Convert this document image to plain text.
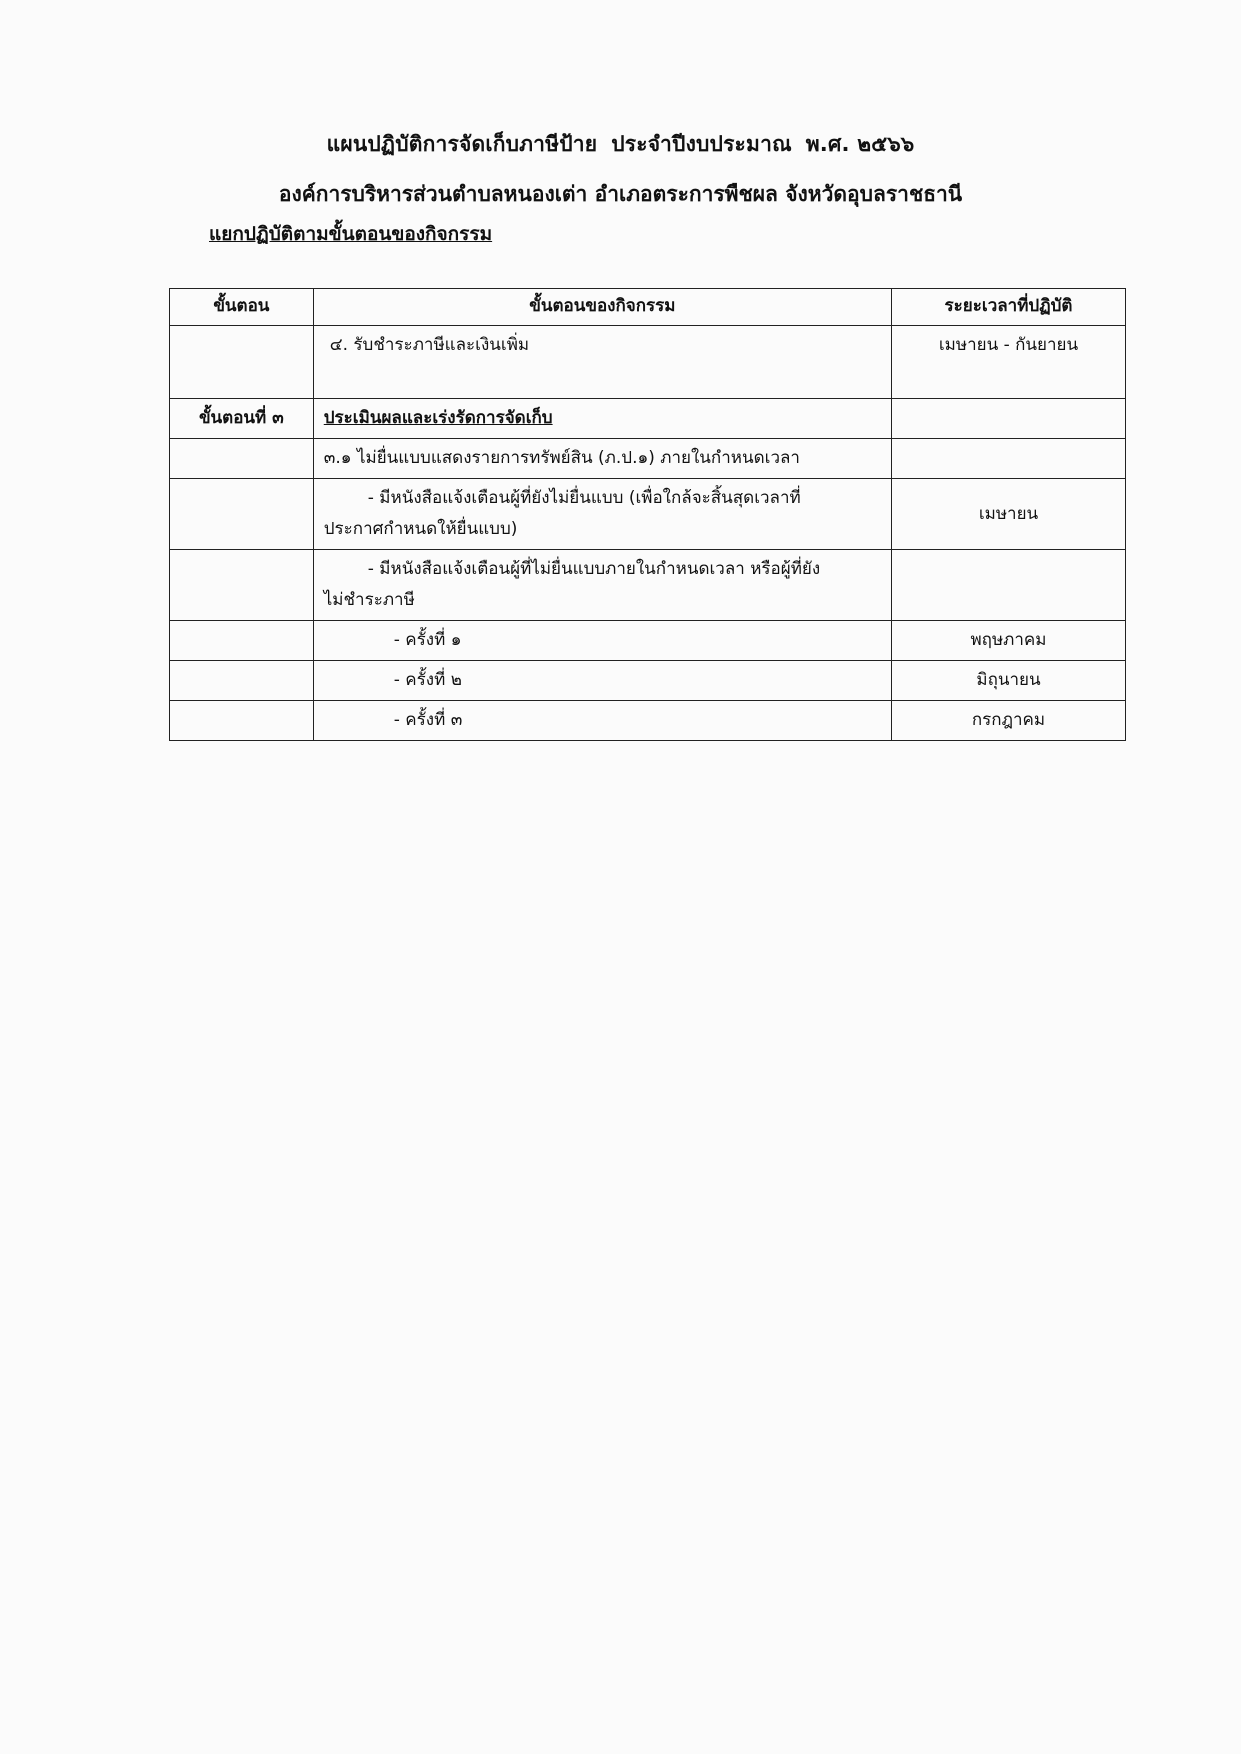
แผนปฏิบัติการจัดเก็บภาษีป้าย ประจำปีงบประมาณ พ.ศ. ๒๕๖๖
องค์การบริหารส่วนตำบลหนองเต่า อำเภอตระการพืชผล จังหวัดอุบลราชธานี
แยกปฏิบัติตามขั้นตอนของกิจกรรม
ขั้นตอน	ขั้นตอนของกิจกรรม	ระยะเวลาที่ปฏิบัติ
	๔. รับชำระภาษีและเงินเพิ่ม	เมษายน - กันยายน
ขั้นตอนที่ ๓	ประเมินผลและเร่งรัดการจัดเก็บ	
	๓.๑ ไม่ยื่นแบบแสดงรายการทรัพย์สิน (ภ.ป.๑) ภายในกำหนดเวลา	
	- มีหนังสือแจ้งเตือนผู้ที่ยังไม่ยื่นแบบ (เพื่อใกล้จะสิ้นสุดเวลาที่
ประกาศกำหนดให้ยื่นแบบ)	เมษายน
	- มีหนังสือแจ้งเตือนผู้ที่ไม่ยื่นแบบภายในกำหนดเวลา หรือผู้ที่ยัง
ไม่ชำระภาษี	
	- ครั้งที่ ๑	พฤษภาคม
	- ครั้งที่ ๒	มิถุนายน
	- ครั้งที่ ๓	กรกฎาคม
